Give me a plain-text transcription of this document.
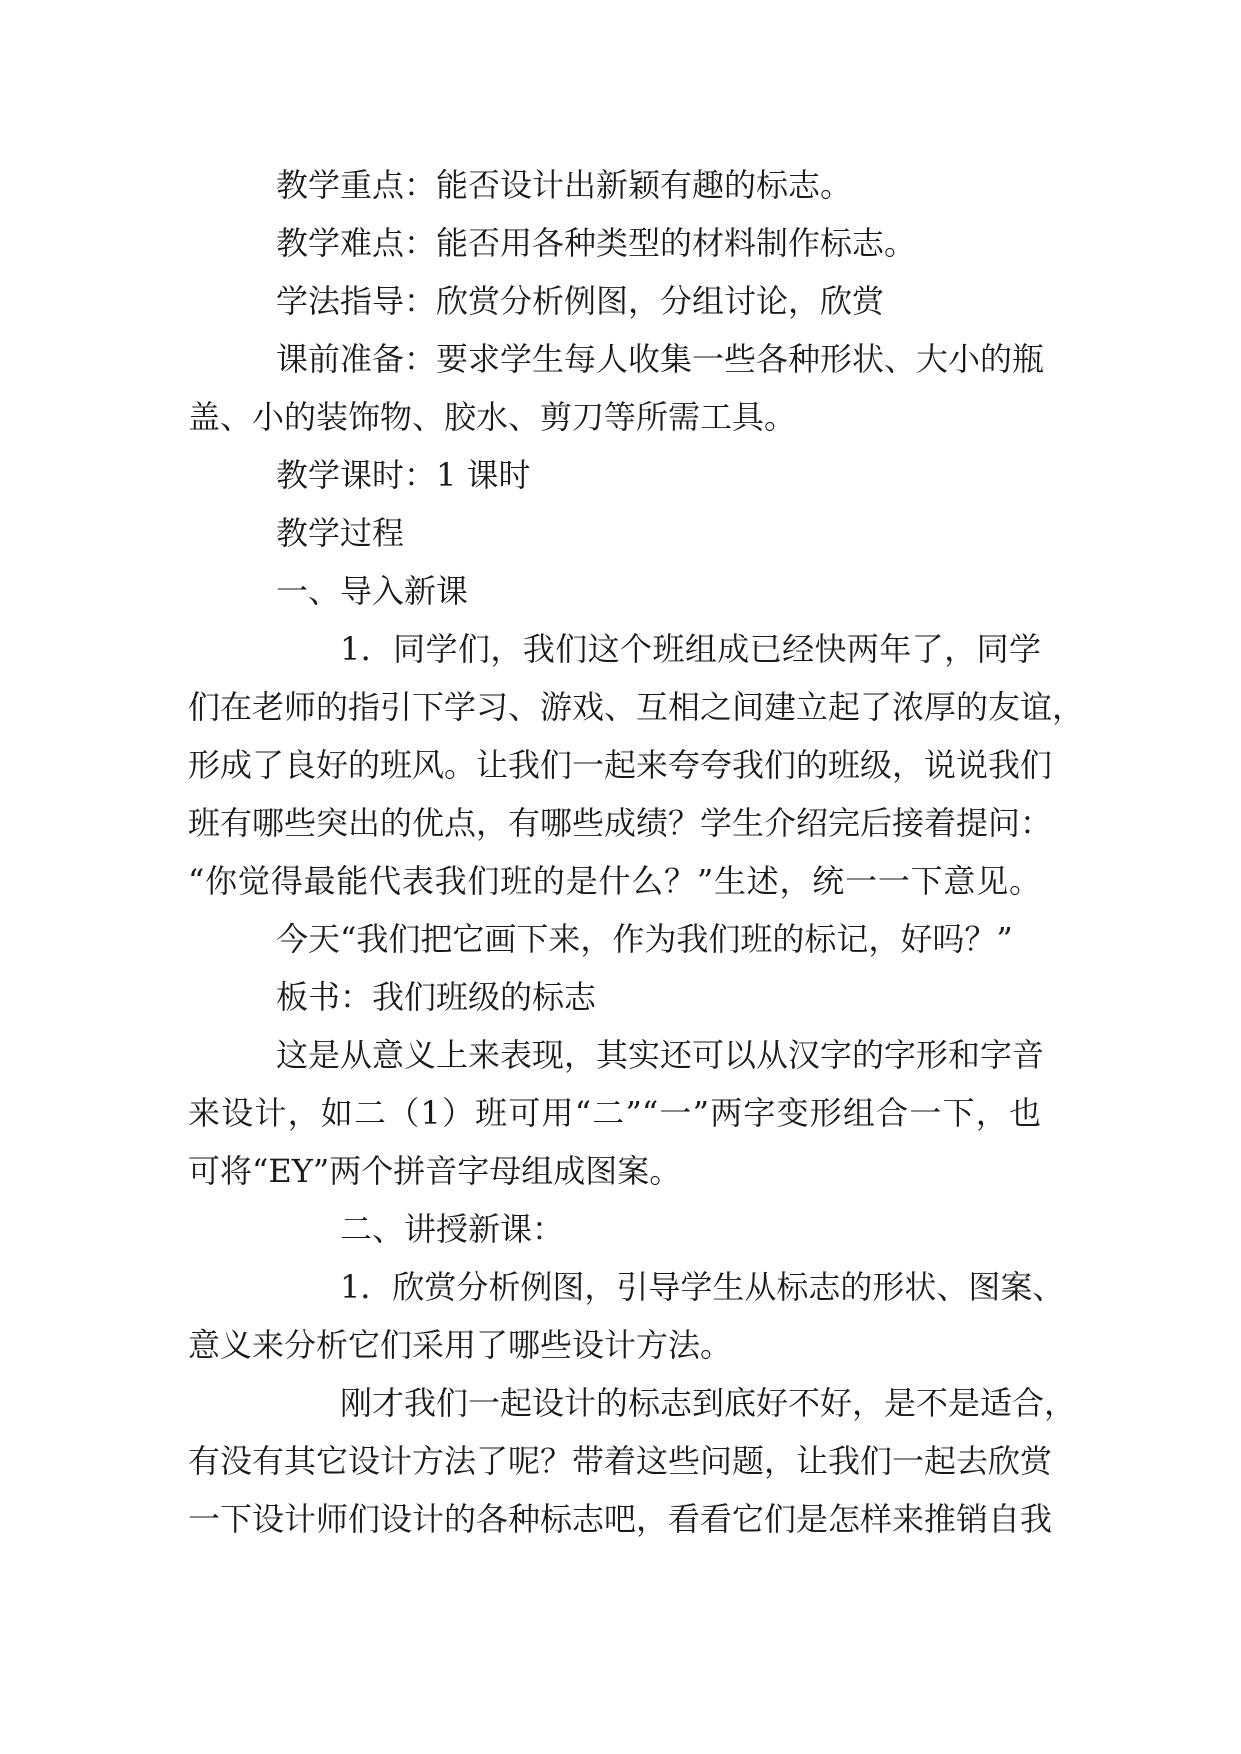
教学重点：能否设计出新颖有趣的标志。
教学难点：能否用各种类型的材料制作标志。
学法指导：欣赏分析例图，分组讨论，欣赏
课前准备：要求学生每人收集一些各种形状、大小的瓶
盖、小的装饰物、胶水、剪刀等所需工具。
教学课时：1 课时
教学过程
一、导入新课
1．同学们，我们这个班组成已经快两年了，同学
们在老师的指引下学习、游戏、互相之间建立起了浓厚的友谊，
形成了良好的班风。让我们一起来夸夸我们的班级，说说我们
班有哪些突出的优点，有哪些成绩？学生介绍完后接着提问：
“你觉得最能代表我们班的是什么？”生述，统一一下意见。
今天“我们把它画下来，作为我们班的标记，好吗？”
板书：我们班级的标志
这是从意义上来表现，其实还可以从汉字的字形和字音
来设计，如二（1）班可用“二”“一”两字变形组合一下，也
可将“EY”两个拼音字母组成图案。
二、讲授新课：
1．欣赏分析例图，引导学生从标志的形状、图案、
意义来分析它们采用了哪些设计方法。
刚才我们一起设计的标志到底好不好，是不是适合，
有没有其它设计方法了呢？带着这些问题，让我们一起去欣赏
一下设计师们设计的各种标志吧，看看它们是怎样来推销自我
